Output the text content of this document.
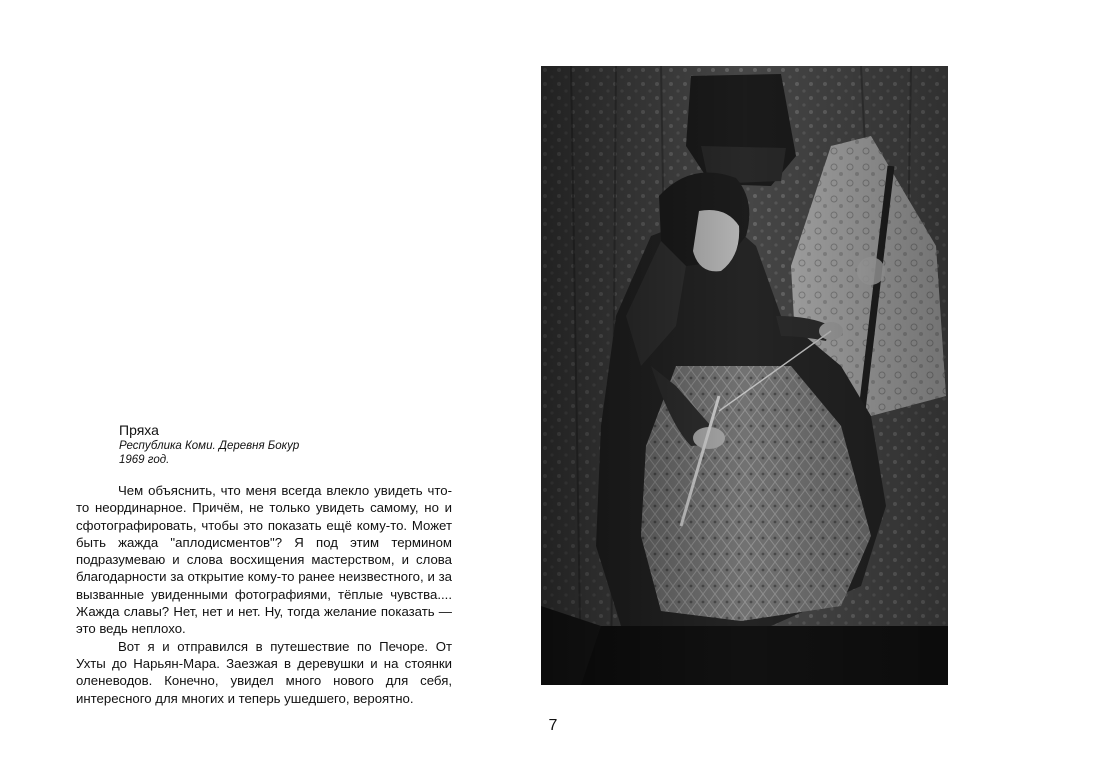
Пряха
Республика Коми. Деревня Бокур
1969 год.

Чем объяснить, что меня всегда влекло увидеть что-то неординарное. Причём, не только увидеть самому, но и сфотографировать, чтобы это показать ещё кому-то. Может быть жажда "аплодисментов"? Я под этим термином подразумеваю и слова восхищения мастерством, и слова благодарности за открытие кому-то ранее неизвестного, и за вызванные увиденными фотографиями, тёплые чувства.... Жажда славы? Нет, нет и нет. Ну, тогда желание показать — это ведь неплохо.

Вот я и отправился в путешествие по Печоре. От Ухты до Нарьян-Мара. Заезжая в деревушки и на стоянки оленеводов. Конечно, увидел много нового для себя, интересного для многих и теперь ушедшего, вероятно.

7
